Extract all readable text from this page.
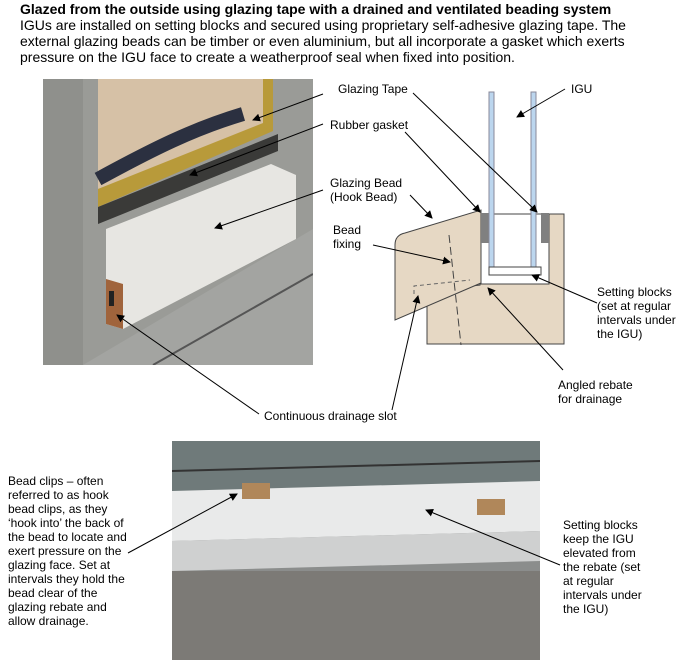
Glazed from the outside using glazing tape with a drained and ventilated beading system
IGUs are installed on setting blocks and secured using proprietary self-adhesive glazing tape. The external glazing beads can be timber or even aluminium, but all incorporate a gasket which exerts pressure on the IGU face to create a weatherproof seal when fixed into position.
Glazing Tape	IGU
Rubber gasket
Glazing Bead
(Hook Bead)
Bead
fixing
Setting blocks
(set at regular
intervals under
the IGU)
Angled rebate
for drainage
Continuous drainage slot
Bead clips – often
referred to as hook
bead clips, as they
‘hook into’ the back of
the bead to locate and
exert pressure on the
glazing face. Set at
intervals they hold the
bead clear of the
glazing rebate and
allow drainage.
Setting blocks
keep the IGU
elevated from
the rebate (set
at regular
intervals under
the IGU)
